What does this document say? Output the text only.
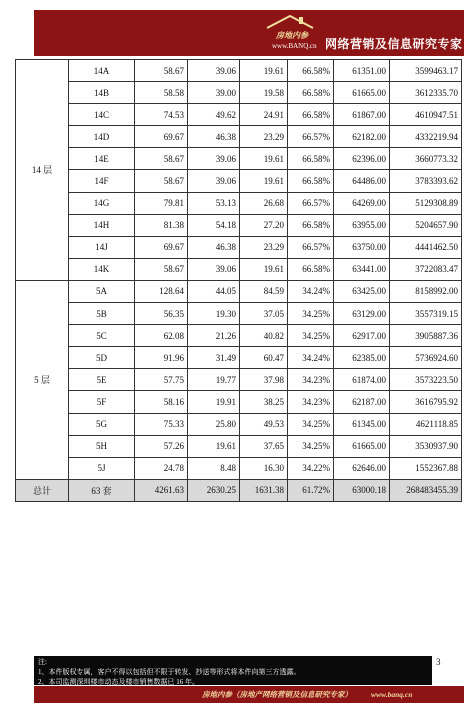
房地内参
www.BANQ.cn 网络营销及信息研究专家
14 层	14A	58.67	39.06	19.61	66.58%	61351.00	3599463.17
	14B	58.58	39.00	19.58	66.58%	61665.00	3612335.70
	14C	74.53	49.62	24.91	66.58%	61867.00	4610947.51
	14D	69.67	46.38	23.29	66.57%	62182.00	4332219.94
	14E	58.67	39.06	19.61	66.58%	62396.00	3660773.32
	14F	58.67	39.06	19.61	66.58%	64486.00	3783393.62
	14G	79.81	53.13	26.68	66.57%	64269.00	5129308.89
	14H	81.38	54.18	27.20	66.58%	63955.00	5204657.90
	14J	69.67	46.38	23.29	66.57%	63750.00	4441462.50
	14K	58.67	39.06	19.61	66.58%	63441.00	3722083.47
5 层	5A	128.64	44.05	84.59	34.24%	63425.00	8158992.00
	5B	56.35	19.30	37.05	34.25%	63129.00	3557319.15
	5C	62.08	21.26	40.82	34.25%	62917.00	3905887.36
	5D	91.96	31.49	60.47	34.24%	62385.00	5736924.60
	5E	57.75	19.77	37.98	34.23%	61874.00	3573223.50
	5F	58.16	19.91	38.25	34.23%	62187.00	3616795.92
	5G	75.33	25.80	49.53	34.25%	61345.00	4621118.85
	5H	57.26	19.61	37.65	34.25%	61665.00	3530937.90
	5J	24.78	8.48	16.30	34.22%	62646.00	1552367.88
总计	63 套	4261.63	2630.25	1631.38	61.72%	63000.18	268483455.39
3
注:
1、本件版权专属，客户不得以包括但不限于转发、抄送等形式将本件向第三方透露。
2、本司监测深圳楼市动态及楼市销售数据已 16 年。
房地内参（房地产网络营销及信息研究专家）	www.banq.cn
